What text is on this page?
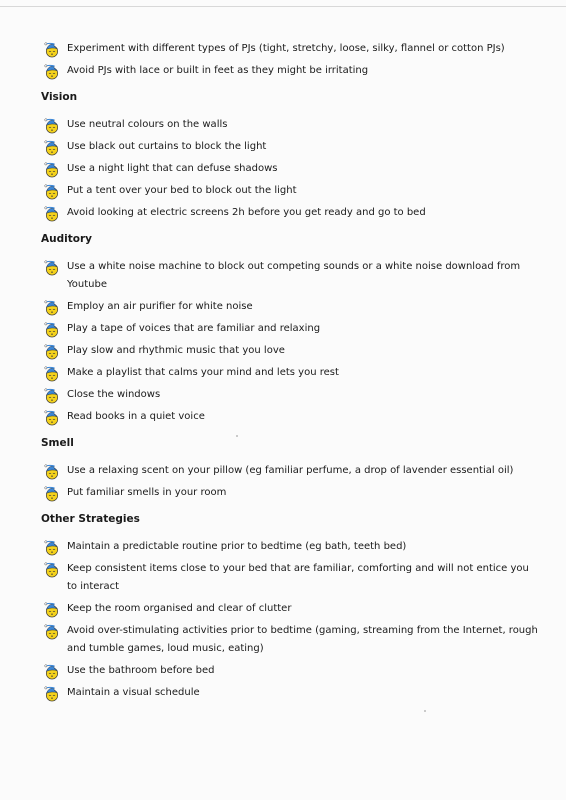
Experiment with different types of PJs (tight, stretchy, loose, silky, flannel or cotton PJs)
Avoid PJs with lace or built in feet as they might be irritating
Vision
Use neutral colours on the walls
Use black out curtains to block the light
Use a night light that can defuse shadows
Put a tent over your bed to block out the light
Avoid looking at electric screens 2h before you get ready and go to bed
Auditory
Use a white noise machine to block out competing sounds or a white noise download from Youtube
Employ an air purifier for white noise
Play a tape of voices that are familiar and relaxing
Play slow and rhythmic music that you love
Make a playlist that calms your mind and lets you rest
Close the windows
Read books in a quiet voice
Smell
Use a relaxing scent on your pillow (eg familiar perfume, a drop of lavender essential oil)
Put familiar smells in your room
Other Strategies
Maintain a predictable routine prior to bedtime (eg bath, teeth bed)
Keep consistent items close to your bed that are familiar, comforting and will not entice you to interact
Keep the room organised and clear of clutter
Avoid over-stimulating activities prior to bedtime (gaming, streaming from the Internet, rough and tumble games, loud music, eating)
Use the bathroom before bed
Maintain a visual schedule
